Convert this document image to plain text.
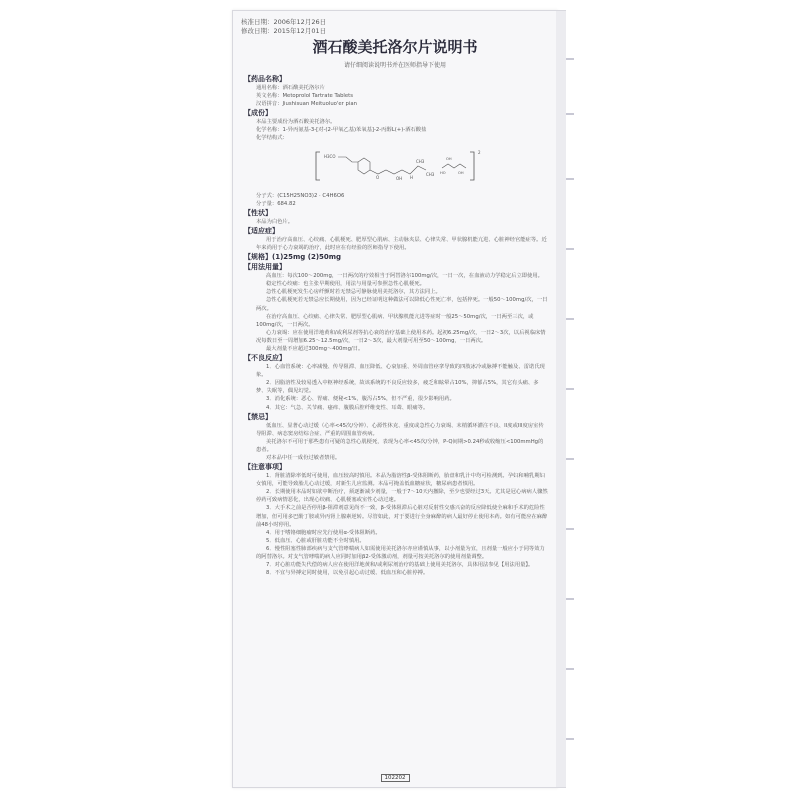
核准日期：2006年12月26日
修改日期：2015年12月01日
酒石酸美托洛尔片说明书
请仔细阅读说明书并在医师指导下使用
【药品名称】
通用名称：酒石酸美托洛尔片
英文名称：Metoprolol Tartrate Tablets
汉语拼音：Jiushisuan Meituoluo'er pian
【成份】
本品主要成份为酒石酸美托洛尔。
化学名称：1-异丙氨基-3-[对-(2-甲氧乙基)苯氧基]-2-丙醇L(+)-酒石酸盐
化学结构式：
H3CO
O	OH H
CH3
CH3 HO	OH
OH
2
分子式：(C15H25NO3)2 · C4H6O6
分子量：684.82
【性状】
本品为白色片。
【适应症】
用于治疗高血压、心绞痛、心肌梗死、肥厚型心肌病、主动脉夹层、心律失常、甲状腺机能亢进、心脏神经官能症等。近年来尚用于心力衰竭的治疗，此时应在有经验的医师指导下使用。
【规格】(1)25mg (2)50mg
【用法用量】
高血压：每次100～200mg，一日两次的疗效相当于阿替洛尔100mg/次，一日一次，在血液动力学稳定后立即使用。
稳定性心绞痛：也主张早期使用，用法与用量可参照急性心肌梗死。
急性心肌梗死发生心房纤颤时若无禁忌可静脉使用美托洛尔，其方法同上。
急性心肌梗死若无禁忌应长期使用，因为已经证明这种做法可以降低心性死亡率，包括猝死。一般50～100mg/次，一日两次。
在治疗高血压、心绞痛、心律失常、肥厚型心肌病、甲状腺机能亢进等症时一般25～50mg/次，一日两至三次，或100mg/次，一日两次。
心力衰竭：应在使用洋地黄和/或利尿剂等抗心衰的治疗基础上使用本药。起初6.25mg/次，一日2～3次，以后视临床情况每数日至一周增加6.25～12.5mg/次，一日2～3次，最大剂量可用至50～100mg，一日两次。
最大剂量不应超过300mg～400mg/日。
【不良反应】
1．心血管系统：心率减慢、传导阻滞、血压降低、心衰加重、外周血管痉挛导致的四肢冰冷或脉搏不能触及、雷诺氏现象。
2．因脂溶性及较易透入中枢神经系统，故该系统的不良反应较多，疲乏和眩晕占10%，抑郁占5%，其它有头痛、多梦、失眠等，偶见幻觉。
3．消化系统：恶心、胃痛、便秘<1%，腹泻占5%，但不严重，很少影响用药。
4．其它：气急、关节痛、瘙痒、腹膜后腔纤维变性、耳聋、眼痛等。
【禁忌】
低血压、显著心动过缓（心率<45次/分钟）、心源性休克、重度或急性心力衰竭、末梢循环灌注不良、II度或III度房室传导阻滞、病态窦房结综合症、严重的周围血管疾病。
美托洛尔不可用于那些患有可疑的急性心肌梗死，表现为心率<45次/分钟，P-Q间期>0.24秒或收缩压<100mmHg的患者。
对本品中任一成份过敏者禁用。
【注意事项】
1．肾脏清除率低时可使用，血压较高时慎用。本品为脂溶性β-受体阻断药，胎盘和乳汁中均可检测到。孕妇和哺乳期妇女慎用，可能导致胎儿心动过缓，对新生儿应监测。本品可掩盖低血糖症状，糖尿病患者慎用。
2．长期使用本品时如欲中断治疗，须逐渐减少剂量，一般于7～10天内撤除，至少也要经过3天。尤其是冠心病病人骤然停药可致病情恶化，出现心绞痛、心肌梗塞或室性心动过速。
3．大手术之前是否停用β-阻滞剂意见尚不一致，β-受体阻滞后心脏对反射性交感兴奋的反应降低使全麻和手术的危险性增加，但可用多巴酚丁胺或异丙肾上腺素逆转。尽管如此，对于要进行全身麻醉的病人最好停止使用本药。如有可能应在麻醉前48小时停用。
4．用于嗜铬细胞瘤时应先行使用α-受体阻断药。
5．低血压、心脏或肝脏功能不全时慎用。
6．慢性阻塞性肺部疾病与支气管哮喘病人如需使用美托洛尔亦应谨慎从事，以小剂量为宜，且剂量一般应小于同等效力的阿替洛尔。对支气管哮喘的病人应同时加用β2-受体激动剂，剂量可按美托洛尔的使用剂量调整。
7．对心脏功能失代偿的病人应在使用洋地黄和/或利尿剂治疗的基础上使用美托洛尔，具体用法参见【用法用量】。
8．不宜与异搏定同时使用，以免引起心动过缓、低血压和心脏停搏。
102202
